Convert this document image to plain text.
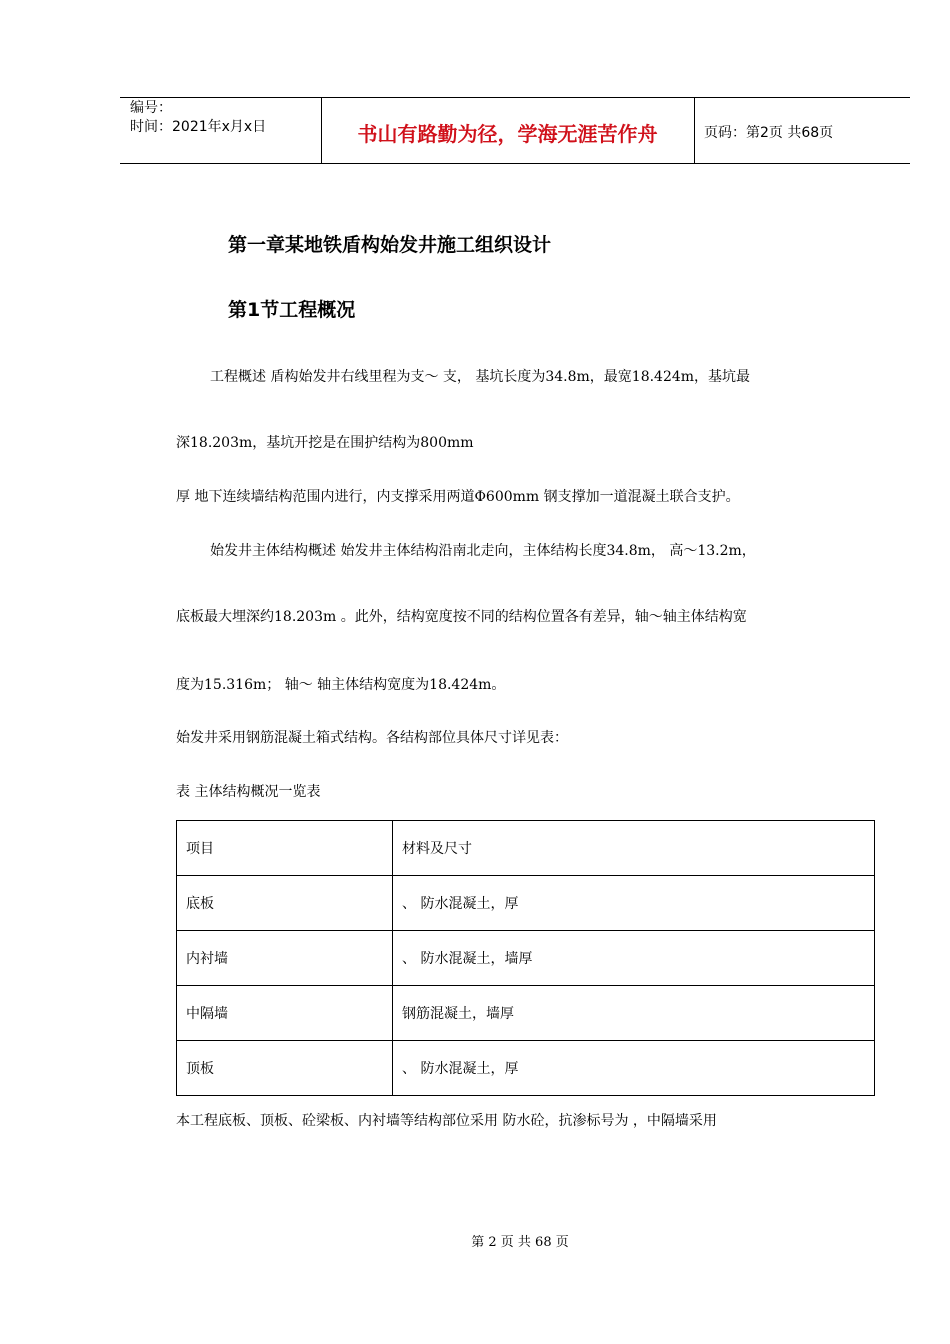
编号：
时间：2021年x月x日	书山有路勤为径，学海无涯苦作舟	页码：第2页 共68页
第一章某地铁盾构始发井施工组织设计
第1节工程概况
工程概述 盾构始发井右线里程为支～ 支， 基坑长度为34.8m，最宽18.424m，基坑最
深18.203m，基坑开挖是在围护结构为800mm
厚 地下连续墙结构范围内进行，内支撑采用两道Φ600mm 钢支撑加一道混凝土联合支护。
始发井主体结构概述 始发井主体结构沿南北走向，主体结构长度34.8m， 高～13.2m，
底板最大埋深约18.203m 。此外，结构宽度按不同的结构位置各有差异，轴～轴主体结构宽
度为15.316m； 轴～ 轴主体结构宽度为18.424m。
始发井采用钢筋混凝土箱式结构。各结构部位具体尺寸详见表：
表 主体结构概况一览表
项目	材料及尺寸
底板	、 防水混凝土，厚
内衬墙	、 防水混凝土，墙厚
中隔墙	钢筋混凝土，墙厚
顶板	、 防水混凝土，厚
本工程底板、顶板、砼梁板、内衬墙等结构部位采用 防水砼，抗渗标号为 ，中隔墙采用
第 2 页 共 68 页
